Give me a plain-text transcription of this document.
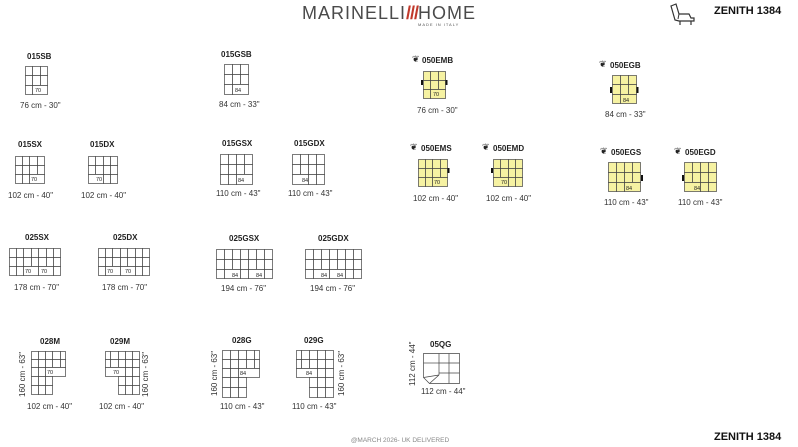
MARINELLI///HOME
MADE IN ITALY
ZENITH 1384
ZENITH 1384
@MARCH 2026- UK DELIVERED
015SB
70
76 cm - 30"
015GSB
84
84 cm - 33"
❦ 050EMB
70
76 cm - 30"
❦ 050EGB
84
84 cm - 33"
015SX
70
102 cm - 40"
015DX
70
102 cm - 40"
015GSX
84
110 cm - 43"
015GDX
84
110 cm - 43"
❦ 050EMS
70
102 cm - 40"
❦ 050EMD
70
102 cm - 40"
❦ 050EGS
84
110 cm - 43"
❦ 050EGD
84
110 cm - 43"
025SX
70 70
178 cm - 70"
025DX
70 70
178 cm - 70"
025GSX
84	84
194 cm - 76"
025GDX
84 84
194 cm - 76"
028M
160 cm - 63"	70
102 cm - 40"
029M
70	160 cm - 63"
102 cm - 40"
028G
160 cm - 63"	84
110 cm - 43"
029G
84	160 cm - 63"
110 cm - 43"
05QG
112 cm - 44"
112 cm - 44"
